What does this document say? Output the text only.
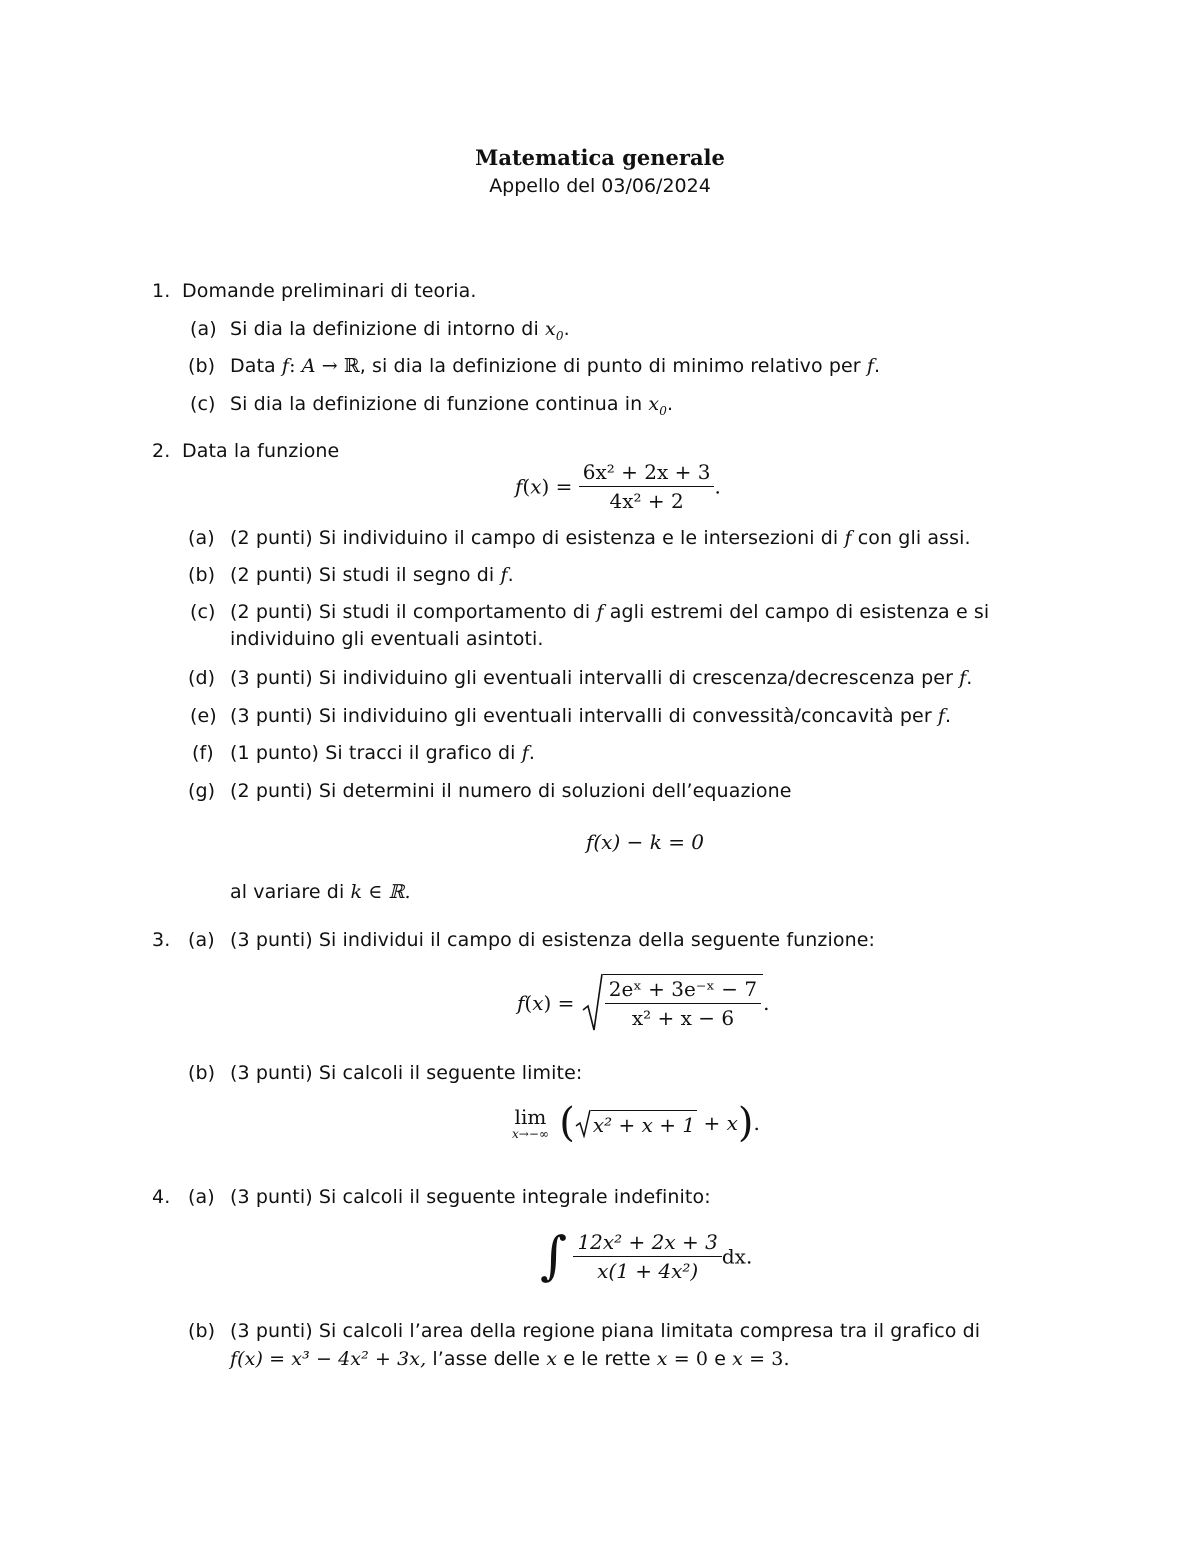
Matematica generale
Appello del 03/06/2024
1. Domande preliminari di teoria.
(a) Si dia la definizione di intorno di $x_0$.
(b) Data f: A → ℝ, si dia la definizione di punto di minimo relativo per f.
(c) Si dia la definizione di funzione continua in $x_0$.
2. Data la funzione
$f(x) = \frac{\text{6x² + 2x + 3}}{\text{4x² + 2}}$ .
(a) (2 punti) Si individuino il campo di esistenza e le intersezioni di f con gli assi.
(b) (2 punti) Si studi il segno di f.
(c) (2 punti) Si studi il comportamento di f agli estremi del campo di esistenza e si
individuino gli eventuali asintoti.
(d) (3 punti) Si individuino gli eventuali intervalli di crescenza/decrescenza per f.
(e) (3 punti) Si individuino gli eventuali intervalli di convessità/concavità per f.
(f) (1 punto) Si tracci il grafico di f.
(g) (2 punti) Si determini il numero di soluzioni dell’equazione
f(x) − k = 0
al variare di k ∈ ℝ.
3. (a) (3 punti) Si individui il campo di esistenza della seguente funzione:
$f(x) = \frac{\text{2eˣ + 3e⁻ˣ − 7}}{\text{x² + x − 6}}$ .
(b) (3 punti) Si calcoli il seguente limite:
lim
x→−∞ ( x² + x + 1 + x).
4. (a) (3 punti) Si calcoli il seguente integrale indefinito:
∫ $\frac{\text{12x² + 2x + 3}}{\text{x(1 + 4x²)}}$ dx.
(b) (3 punti) Si calcoli l’area della regione piana limitata compresa tra il grafico di
f(x) = x³ − 4x² + 3x, l’asse delle x e le rette x = 0 e x = 3.
